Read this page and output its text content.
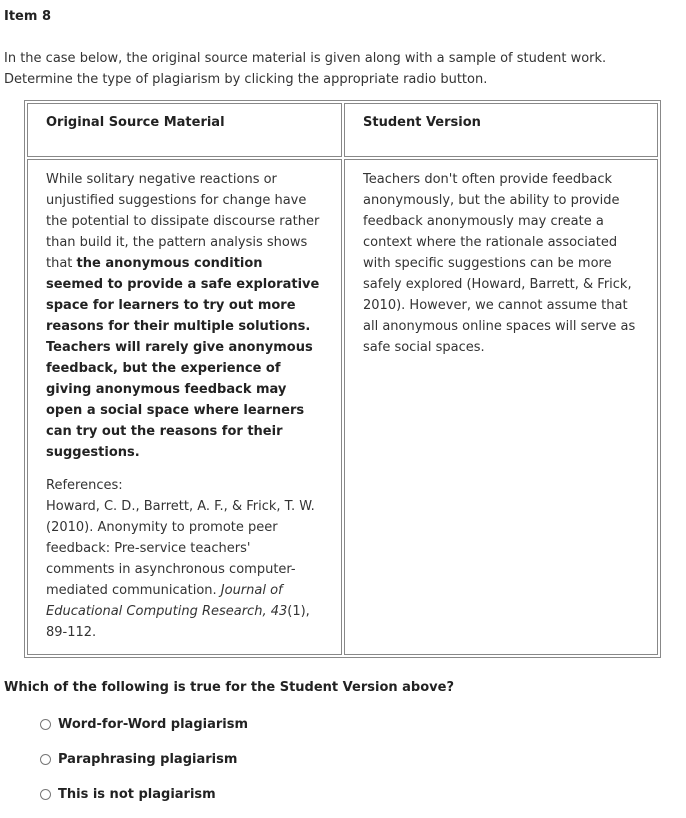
Item 8
In the case below, the original source material is given along with a sample of student work. Determine the type of plagiarism by clicking the appropriate radio button.
Original Source Material	Student Version

While solitary negative reactions or unjustified suggestions for change have the potential to dissipate discourse rather than build it, the pattern analysis shows that the anonymous condition seemed to provide a safe explorative space for learners to try out more reasons for their multiple solutions. Teachers will rarely give anonymous feedback, but the experience of giving anonymous feedback may open a social space where learners can try out the reasons for their suggestions.

References:

Howard, C. D., Barrett, A. F., & Frick, T. W. (2010). Anonymity to promote peer feedback: Pre-service teachers' comments in asynchronous computer-mediated communication. Journal of Educational Computing Research, 43(1), 89-112.

Teachers don't often provide feedback anonymously, but the ability to provide feedback anonymously may create a context where the rationale associated with specific suggestions can be more safely explored (Howard, Barrett, & Frick, 2010). However, we cannot assume that all anonymous online spaces will serve as safe social spaces.

Which of the following is true for the Student Version above?
Word-for-Word plagiarism
Paraphrasing plagiarism
This is not plagiarism
